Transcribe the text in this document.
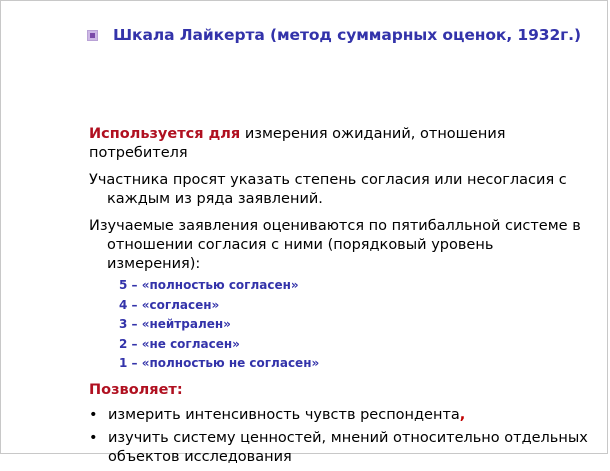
Шкала Лайкерта (метод суммарных оценок, 1932г.)

Используется для измерения ожиданий, отношения потребителя

Участника просят указать степень согласия или несогласия с
каждым из ряда заявлений.

Изучаемые заявления оцениваются по пятибалльной системе в
отношении согласия с ними (порядковый уровень измерения):

5 – «полностью согласен»
4 – «согласен»
3 – «нейтрален»
2 – «не согласен»
1 – «полностью не согласен»

Позволяет:

• измерить интенсивность чувств респондента,
• изучить систему ценностей, мнений относительно отдельных
объектов исследования
